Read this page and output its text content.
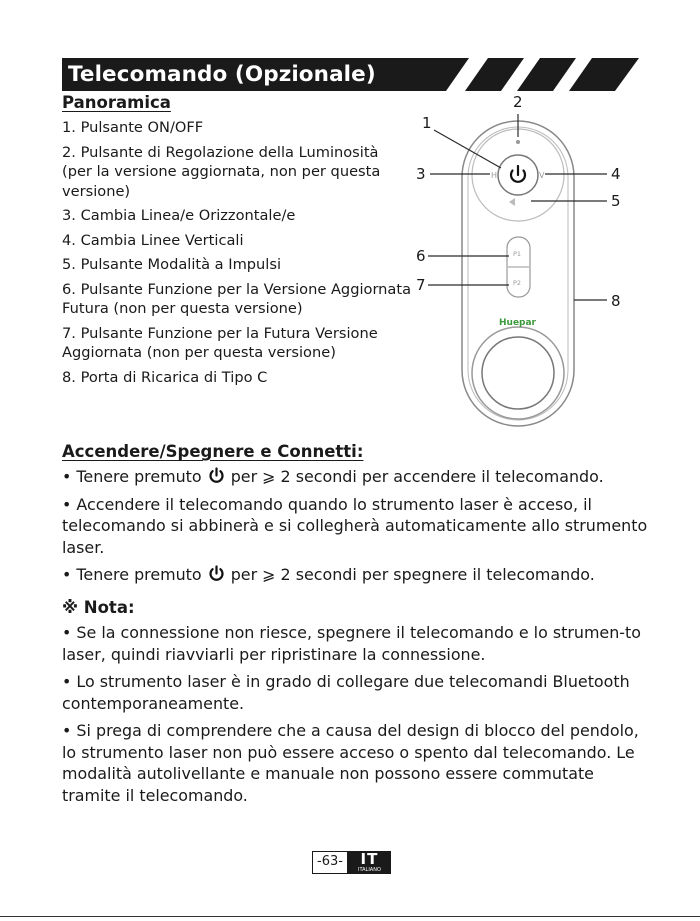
Telecomando (Opzionale)
Panoramica
1. Pulsante ON/OFF
2. Pulsante di Regolazione della Luminosità (per la versione aggiornata, non per questa versione)
3. Cambia Linea/e Orizzontale/e
4. Cambia Linee Verticali
5. Pulsante Modalità a Impulsi
6. Pulsante Funzione per la Versione Aggiornata Futura (non per questa versione)
7. Pulsante Funzione per la Futura Versione Aggiornata (non per questa versione)
8. Porta di Ricarica di Tipo C
H	V
P1
P2
Huepar
1
2
3	4
5
6
7
8
Accendere/Spegnere e Connetti:

• Tenere premuto  per ⩾ 2 secondi per accendere il telecomando.

• Accendere il telecomando quando lo strumento laser è acceso, il telecomando si abbinerà e si collegherà automaticamente allo strumento laser.

• Tenere premuto  per ⩾ 2 secondi per spegnere il telecomando.

※ Nota:

• Se la connessione non riesce, spegnere il telecomando e lo strumen-to laser, quindi riavviarli per ripristinare la connessione.

• Lo strumento laser è in grado di collegare due telecomandi Bluetooth contemporaneamente.

• Si prega di comprendere che a causa del design di blocco del pendolo, lo strumento laser non può essere acceso o spento dal telecomando. Le modalità autolivellante e manuale non possono essere commutate tramite il telecomando.

-63-	IT
ITALIANO
